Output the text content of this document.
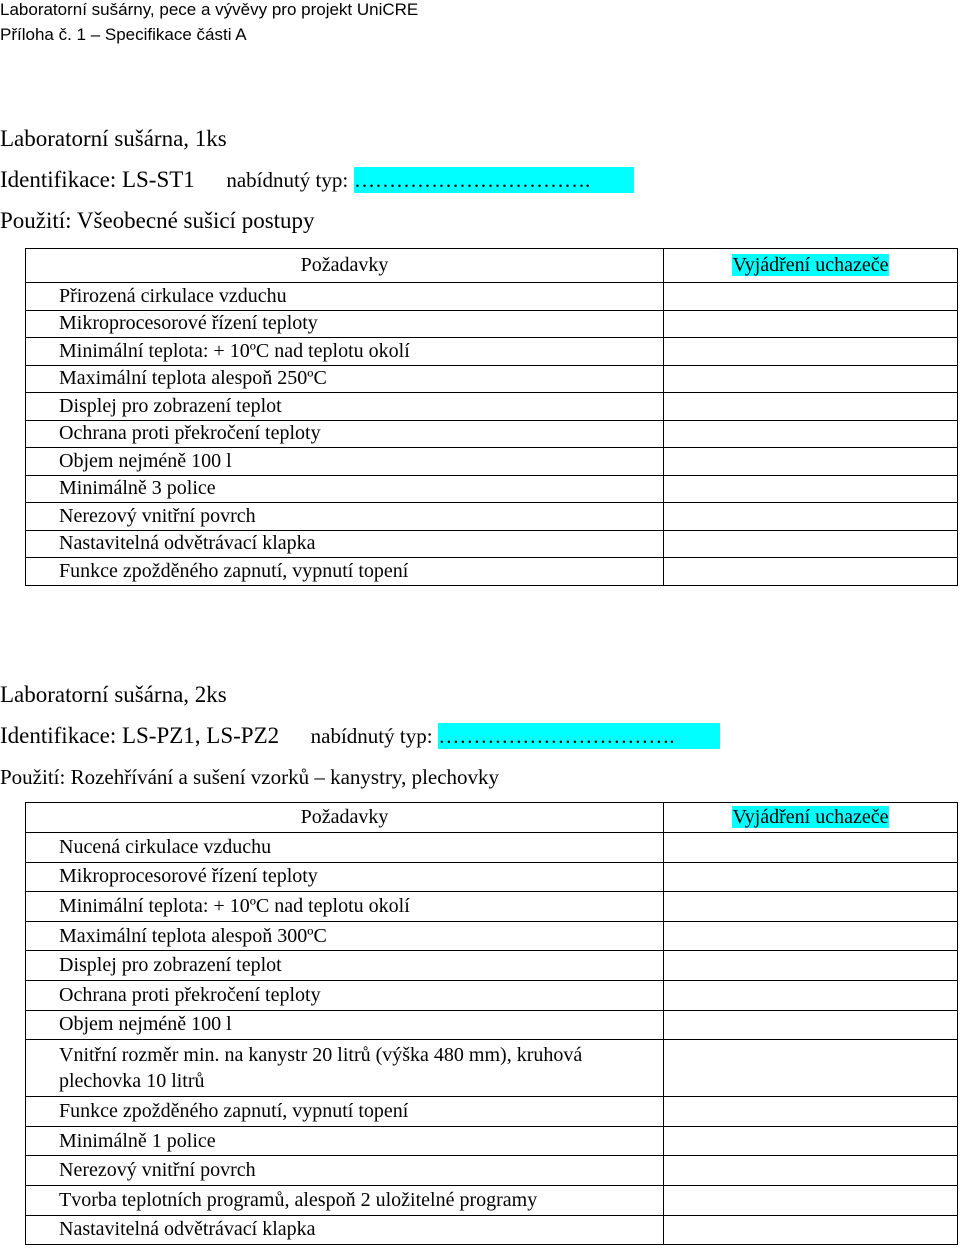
Laboratorní sušárny, pece a vývěvy pro projekt UniCRE
Příloha č. 1 – Specifikace části A
Laboratorní sušárna, 1ks
Identifikace: LS-ST1 nabídnutý typ: …………………………….
Použití: Všeobecné sušicí postupy
Požadavky	Vyjádření uchazeče
Přirozená cirkulace vzduchu	
Mikroprocesorové řízení teploty	
Minimální teplota: + 10ºC nad teplotu okolí	
Maximální teplota alespoň 250ºC	
Displej pro zobrazení teplot	
Ochrana proti překročení teploty	
Objem nejméně 100 l	
Minimálně 3 police	
Nerezový vnitřní povrch	
Nastavitelná odvětrávací klapka	
Funkce zpožděného zapnutí, vypnutí topení	
Laboratorní sušárna, 2ks
Identifikace: LS-PZ1, LS-PZ2 nabídnutý typ: …………………………….
Použití: Rozehřívání a sušení vzorků – kanystry, plechovky
Požadavky	Vyjádření uchazeče
Nucená cirkulace vzduchu	
Mikroprocesorové řízení teploty	
Minimální teplota: + 10ºC nad teplotu okolí	
Maximální teplota alespoň 300ºC	
Displej pro zobrazení teplot	
Ochrana proti překročení teploty	
Objem nejméně 100 l	
Vnitřní rozměr min. na kanystr 20 litrů (výška 480 mm), kruhová plechovka 10 litrů	
Funkce zpožděného zapnutí, vypnutí topení	
Minimálně 1 police	
Nerezový vnitřní povrch	
Tvorba teplotních programů, alespoň 2 uložitelné programy	
Nastavitelná odvětrávací klapka	
